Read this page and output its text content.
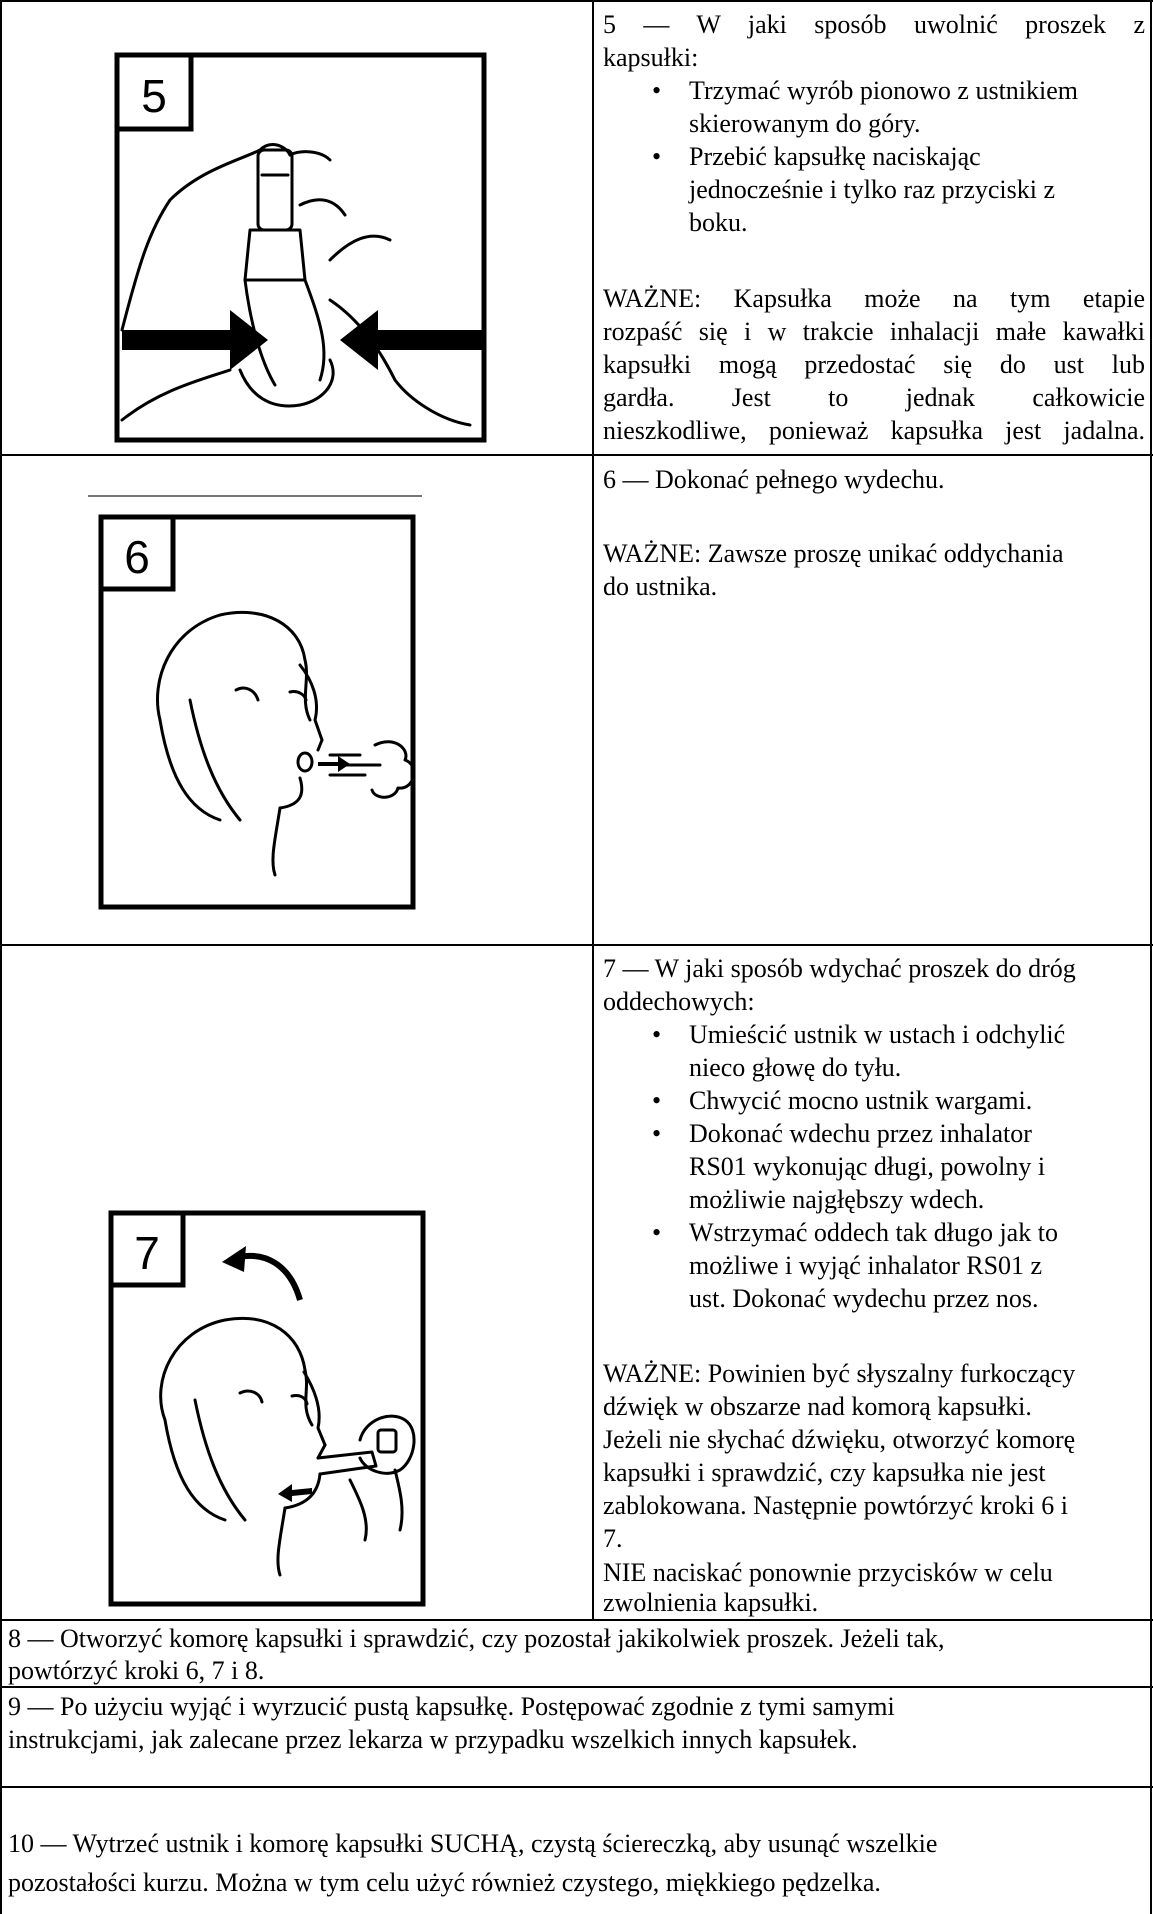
5
5 — W jaki sposób uwolnić proszek z
kapsułki:
• Trzymać wyrób pionowo z ustnikiem
skierowanym do góry.
• Przebić kapsułkę naciskając
jednocześnie i tylko raz przyciski z
boku.
WAŻNE: Kapsułka może na tym etapie
rozpaść się i w trakcie inhalacji małe kawałki
kapsułki mogą przedostać się do ust lub
gardła.  Jest  to  jednak  całkowicie
nieszkodliwe, ponieważ kapsułka jest jadalna.
6
6 — Dokonać pełnego wydechu.
WAŻNE: Zawsze proszę unikać oddychania
do ustnika.
7
7 — W jaki sposób wdychać proszek do dróg
oddechowych:
• Umieścić ustnik w ustach i odchylić
nieco głowę do tyłu.
• Chwycić mocno ustnik wargami.
• Dokonać wdechu przez inhalator
RS01 wykonując długi, powolny i
możliwie najgłębszy wdech.
• Wstrzymać oddech tak długo jak to
możliwe i wyjąć inhalator RS01 z
ust. Dokonać wydechu przez nos.
WAŻNE: Powinien być słyszalny furkoczący
dźwięk w obszarze nad komorą kapsułki.
Jeżeli nie słychać dźwięku, otworzyć komorę
kapsułki i sprawdzić, czy kapsułka nie jest
zablokowana. Następnie powtórzyć kroki 6 i
7.
NIE naciskać ponownie przycisków w celu
zwolnienia kapsułki.
8 — Otworzyć komorę kapsułki i sprawdzić, czy pozostał jakikolwiek proszek. Jeżeli tak,
powtórzyć kroki 6, 7 i 8.
9 — Po użyciu wyjąć i wyrzucić pustą kapsułkę. Postępować zgodnie z tymi samymi
instrukcjami, jak zalecane przez lekarza w przypadku wszelkich innych kapsułek.
10 — Wytrzeć ustnik i komorę kapsułki SUCHĄ, czystą ściereczką, aby usunąć wszelkie
pozostałości kurzu. Można w tym celu użyć również czystego, miękkiego pędzelka.
